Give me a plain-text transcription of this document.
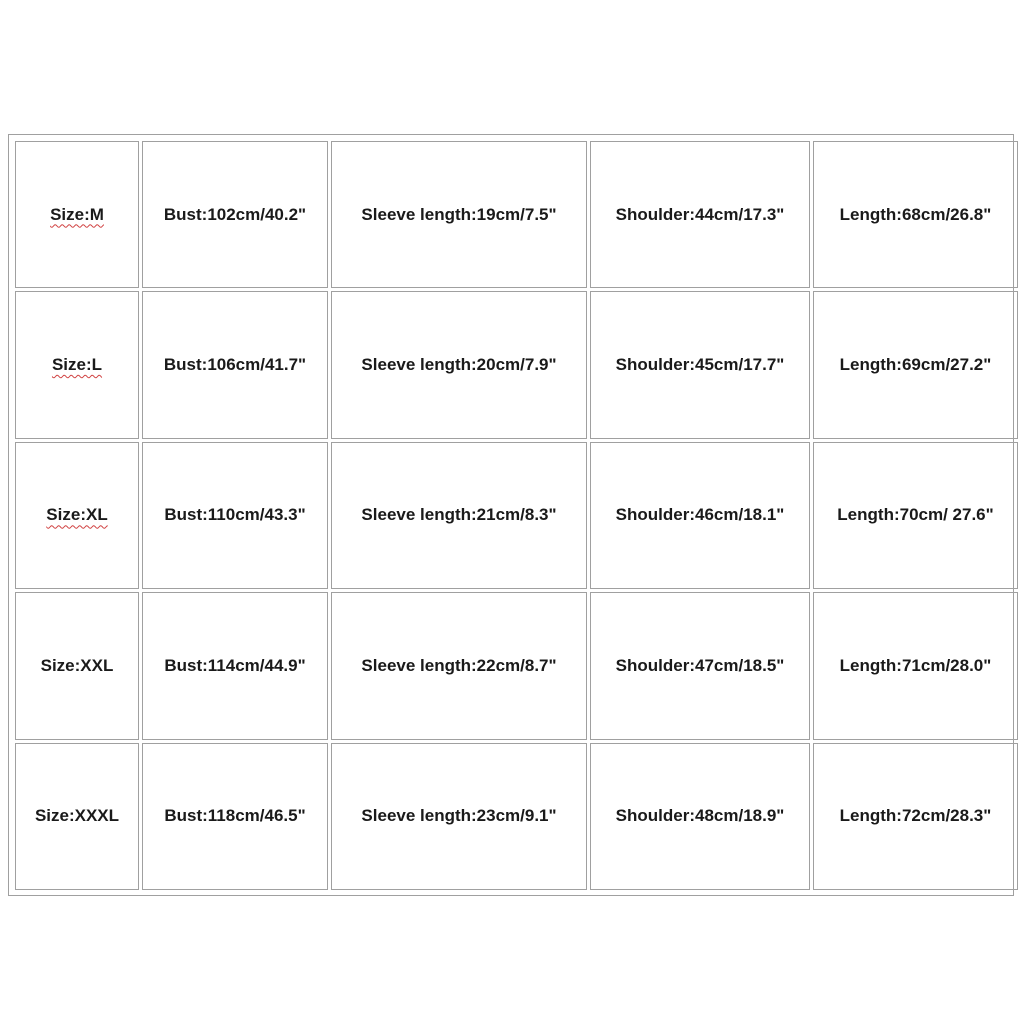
Size:M	Bust:102cm/40.2"	Sleeve length:19cm/7.5"	Shoulder:44cm/17.3"	Length:68cm/26.8"
Size:L	Bust:106cm/41.7"	Sleeve length:20cm/7.9"	Shoulder:45cm/17.7"	Length:69cm/27.2"
Size:XL	Bust:110cm/43.3"	Sleeve length:21cm/8.3"	Shoulder:46cm/18.1"	Length:70cm/ 27.6"
Size:XXL	Bust:114cm/44.9"	Sleeve length:22cm/8.7"	Shoulder:47cm/18.5"	Length:71cm/28.0"
Size:XXXL	Bust:118cm/46.5"	Sleeve length:23cm/9.1"	Shoulder:48cm/18.9"	Length:72cm/28.3"
